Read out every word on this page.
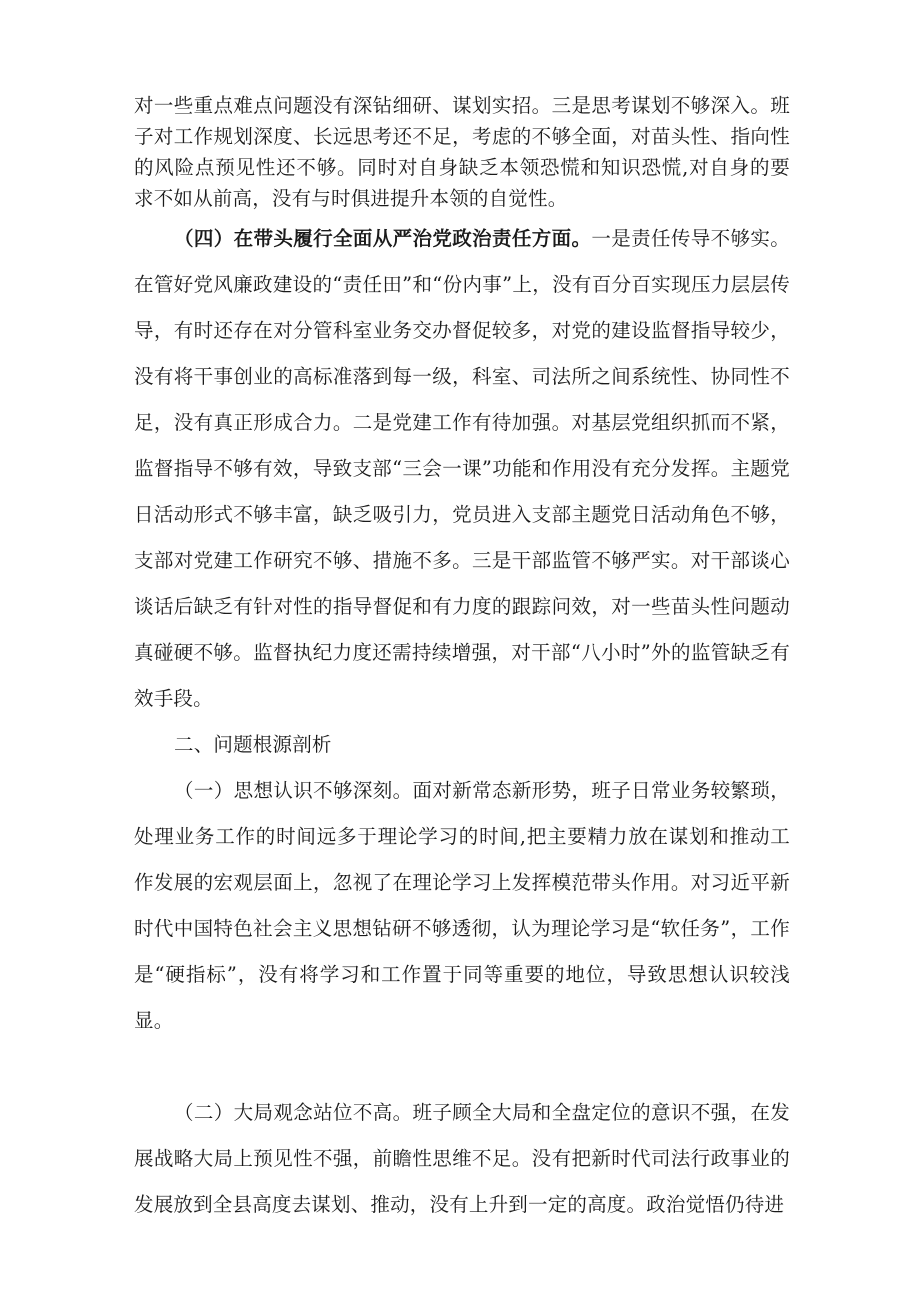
对一些重点难点问题没有深钻细研、谋划实招。三是思考谋划不够深入。班子对工作规划深度、长远思考还不足，考虑的不够全面，对苗头性、指向性的风险点预见性还不够。同时对自身缺乏本领恐慌和知识恐慌,对自身的要求不如从前高，没有与时俱进提升本领的自觉性。

（四）在带头履行全面从严治党政治责任方面。一是责任传导不够实。在管好党风廉政建设的“责任田”和“份内事”上，没有百分百实现压力层层传导，有时还存在对分管科室业务交办督促较多，对党的建设监督指导较少，没有将干事创业的高标准落到每一级，科室、司法所之间系统性、协同性不足，没有真正形成合力。二是党建工作有待加强。对基层党组织抓而不紧，监督指导不够有效，导致支部“三会一课”功能和作用没有充分发挥。主题党日活动形式不够丰富，缺乏吸引力，党员进入支部主题党日活动角色不够，支部对党建工作研究不够、措施不多。三是干部监管不够严实。对干部谈心谈话后缺乏有针对性的指导督促和有力度的跟踪问效，对一些苗头性问题动真碰硬不够。监督执纪力度还需持续增强，对干部“八小时”外的监管缺乏有效手段。

二、问题根源剖析

（一）思想认识不够深刻。面对新常态新形势，班子日常业务较繁琐，处理业务工作的时间远多于理论学习的时间,把主要精力放在谋划和推动工作发展的宏观层面上，忽视了在理论学习上发挥模范带头作用。对习近平新时代中国特色社会主义思想钻研不够透彻，认为理论学习是“软任务”，工作是“硬指标”，没有将学习和工作置于同等重要的地位，导致思想认识较浅显。

（二）大局观念站位不高。班子顾全大局和全盘定位的意识不强，在发展战略大局上预见性不强，前瞻性思维不足。没有把新时代司法行政事业的发展放到全县高度去谋划、推动，没有上升到一定的高度。政治觉悟仍待进
